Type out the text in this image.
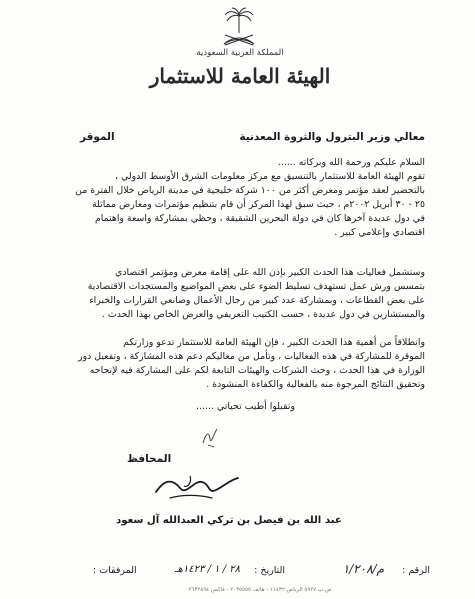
المملكة العربية السعودية
الهيئة العامة للاستثمار
معالي وزير البترول والثروة المعدنية
الموقر
السلام عليكم ورحمة الله وبركاته ......
تقوم الهيئة العامة للاستثمار بالتنسيق مع مركز معلومات الشرق الأوسط الدولي ،
بالتحضير لعقد مؤتمر ومعرض أكثر من ١٠٠ شركة خليجية في مدينة الرياض خلال الفترة من
٢٥ - ٣٠ أبريل ٢٠٠٢م ، حيث سبق لهذا المركز أن قام بتنظيم مؤتمرات ومعارض مماثلة
في دول عديدة آخرها كان في دولة البحرين الشقيقة ، وحظي بمشاركة واسعة واهتمام
اقتصادي وإعلامي كبير .
وستشمل فعاليات هذا الحدث الكبير بإذن الله على إقامة معرض ومؤتمر اقتصادي
بتمسس ورش عمل تستهدف تسليط الضوء على بعض المواضيع والمستجدات الاقتصادية
على بعض القطاعات ، وبمشاركة عدد كبير من رجال الأعمال وصانعي القرارات والخبراء
والمستشارين في دول عديدة ، حسب الكتيب التعريفي والعرض الخاص بهذا الحدث .
وانطلاقاً من أهمية هذا الحدث الكبير ، فإن الهيئة العامة للاستثمار تدعو وزارتكم
الموقرة للمشاركة في هذه الفعاليات ، وتأمل من معاليكم دعم هذه المشاركة ، وتفعيل دور
الوزارة في هذا الحدث ، وحث الشركات والهيئات التابعة لكم على المشاركة فيه لإنجاحه
وتحقيق النتائج المرجوة منه بالفعالية والكفاءة المنشودة .
وتقبلوا أطيب تحياتي ......
المحافظ
عبد الله بن فيصل بن تركي العبدالله آل سعود
الرقم :
م/١/٢٠٨
التاريخ :
٢٨ / ١ / ١٤٢٣هـ
المرفقات :
ص.ب ٥٩٢٧ الرياض ١١٤٣٢ - هاتف ٢٠٣٥٥٥٥ - فاكس ٢٦٣٢٨٩٤
